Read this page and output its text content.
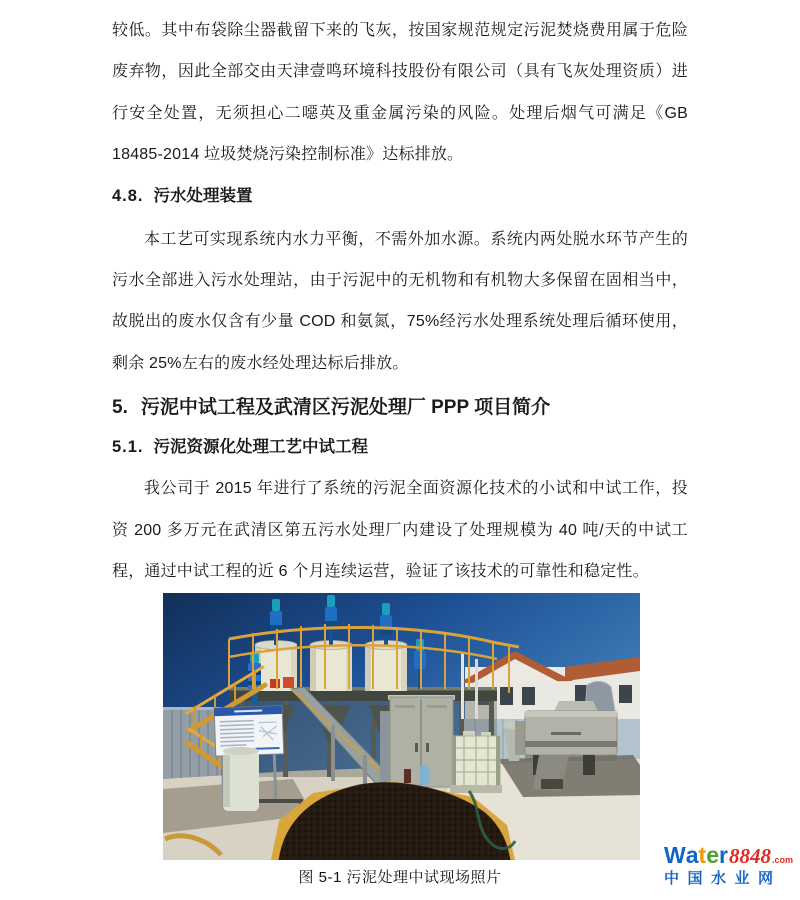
较低。其中布袋除尘器截留下来的飞灰，按国家规范规定污泥焚烧费用属于危险
废弃物，因此全部交由天津壹鸣环境科技股份有限公司（具有飞灰处理资质）进
行安全处置，无须担心二噁英及重金属污染的风险。处理后烟气可满足《GB
18485-2014 垃圾焚烧污染控制标准》达标排放。
4.8. 污水处理装置
本工艺可实现系统内水力平衡，不需外加水源。系统内两处脱水环节产生的
污水全部进入污水处理站，由于污泥中的无机物和有机物大多保留在固相当中，
故脱出的废水仅含有少量 COD 和氨氮，75%经污水处理系统处理后循环使用，
剩余 25%左右的废水经处理达标后排放。
5. 污泥中试工程及武清区污泥处理厂 PPP 项目简介
5.1. 污泥资源化处理工艺中试工程
我公司于 2015 年进行了系统的污泥全面资源化技术的小试和中试工作，投
资 200 多万元在武清区第五污水处理厂内建设了处理规模为 40 吨/天的中试工
程，通过中试工程的近 6 个月连续运营，验证了该技术的可靠性和稳定性。
图 5-1 污泥处理中试现场照片
Water 8848 .com
中国水业网
